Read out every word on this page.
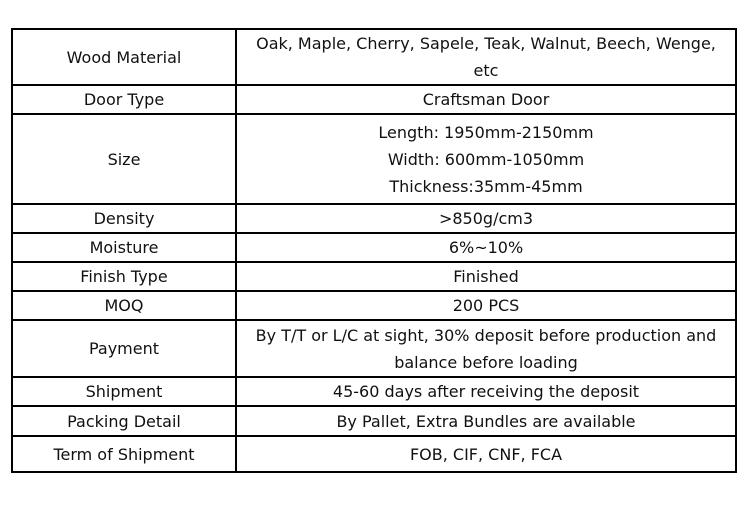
Wood Material	Oak, Maple, Cherry, Sapele, Teak, Walnut, Beech, Wenge,
etc

Door Type	Craftsman Door

Size	Length: 1950mm-2150mm
Width: 600mm-1050mm
Thickness:35mm-45mm

Density	>850g/cm3

Moisture	6%~10%

Finish Type	Finished

MOQ	200 PCS

Payment	By T/T or L/C at sight, 30% deposit before production and
balance before loading

Shipment	45-60 days after receiving the deposit

Packing Detail	By Pallet, Extra Bundles are available

Term of Shipment	FOB, CIF, CNF, FCA
